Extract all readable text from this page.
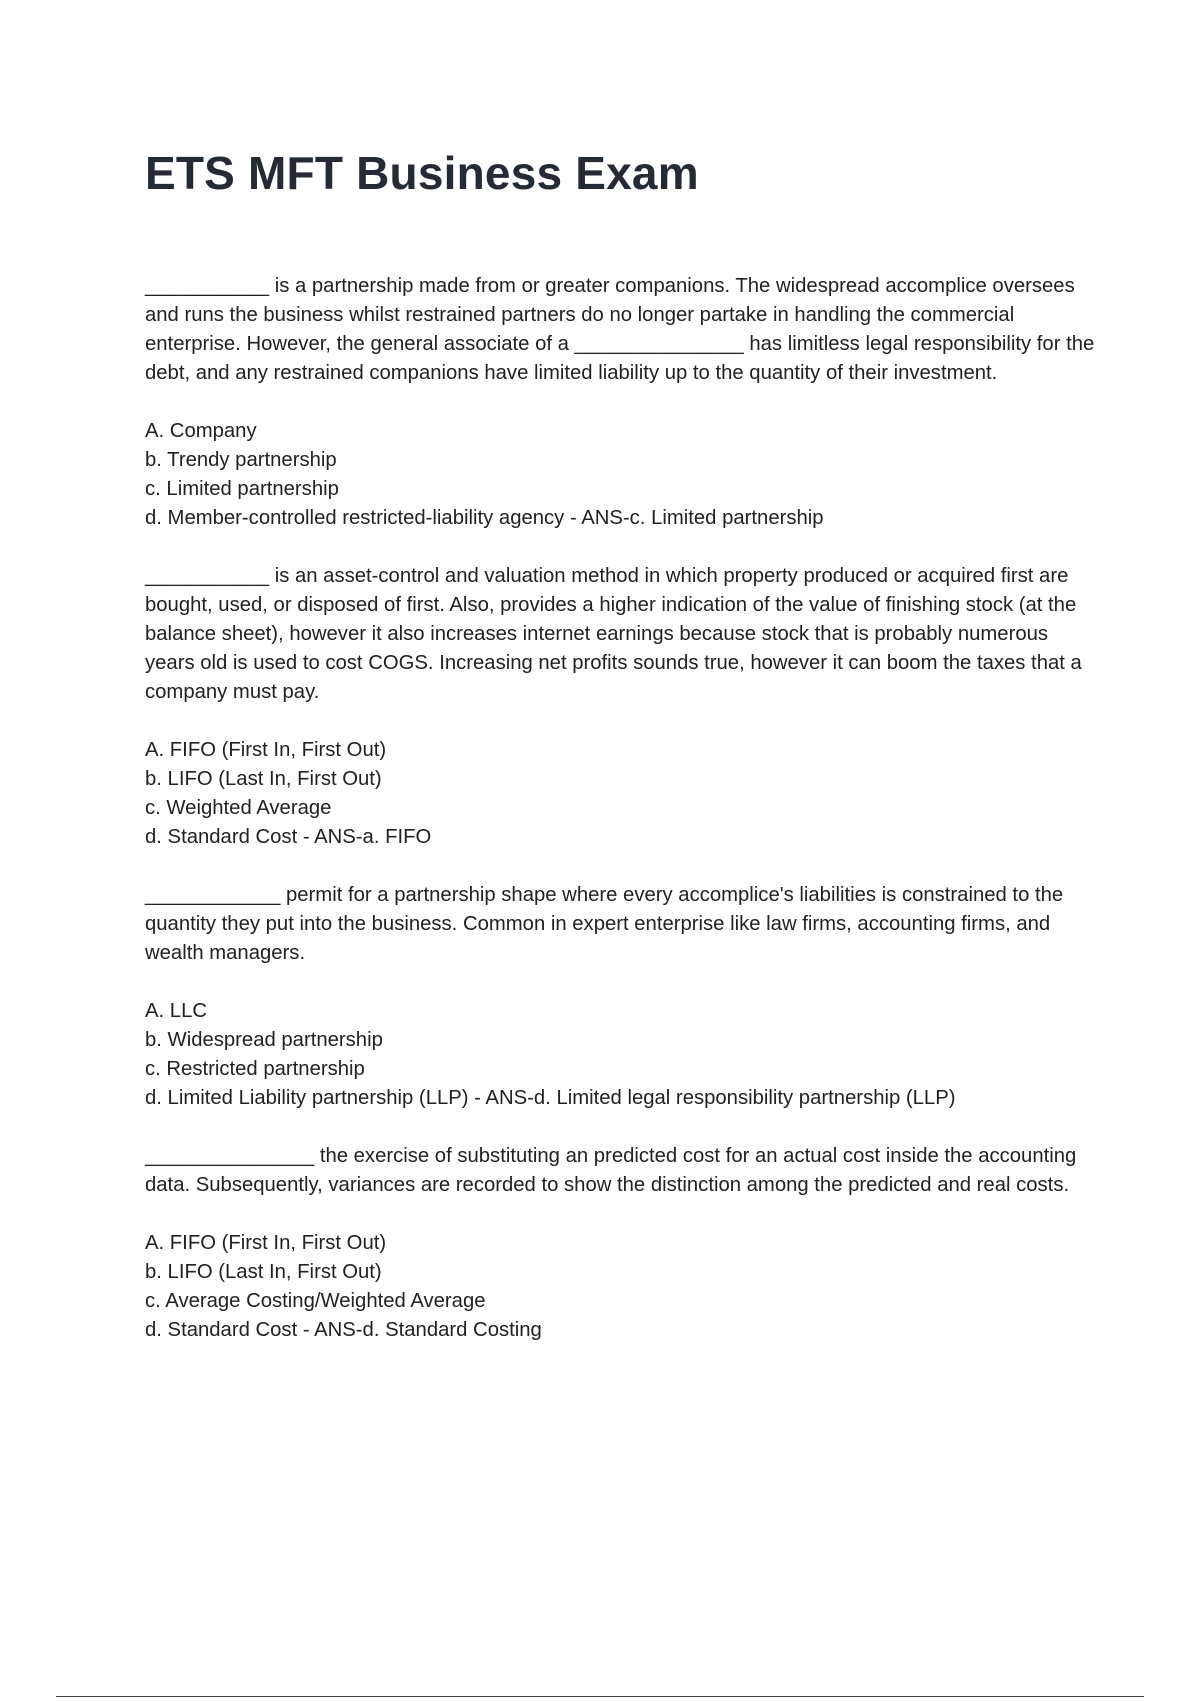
ETS MFT Business Exam

___________ is a partnership made from or greater companions. The widespread accomplice oversees and runs the business whilst restrained partners do no longer partake in handling the commercial enterprise. However, the general associate of a _______________ has limitless legal responsibility for the debt, and any restrained companions have limited liability up to the quantity of their investment.

A. Company
b. Trendy partnership
c. Limited partnership
d. Member-controlled restricted-liability agency - ANS-c. Limited partnership

___________ is an asset-control and valuation method in which property produced or acquired first are bought, used, or disposed of first. Also, provides a higher indication of the value of finishing stock (at the balance sheet), however it also increases internet earnings because stock that is probably numerous years old is used to cost COGS. Increasing net profits sounds true, however it can boom the taxes that a company must pay.

A. FIFO (First In, First Out)
b. LIFO (Last In, First Out)
c. Weighted Average
d. Standard Cost - ANS-a. FIFO

____________ permit for a partnership shape where every accomplice's liabilities is constrained to the quantity they put into the business. Common in expert enterprise like law firms, accounting firms, and wealth managers.

A. LLC
b. Widespread partnership
c. Restricted partnership
d. Limited Liability partnership (LLP) - ANS-d. Limited legal responsibility partnership (LLP)

_______________ the exercise of substituting an predicted cost for an actual cost inside the accounting data. Subsequently, variances are recorded to show the distinction among the predicted and real costs.

A. FIFO (First In, First Out)
b. LIFO (Last In, First Out)
c. Average Costing/Weighted Average
d. Standard Cost - ANS-d. Standard Costing
